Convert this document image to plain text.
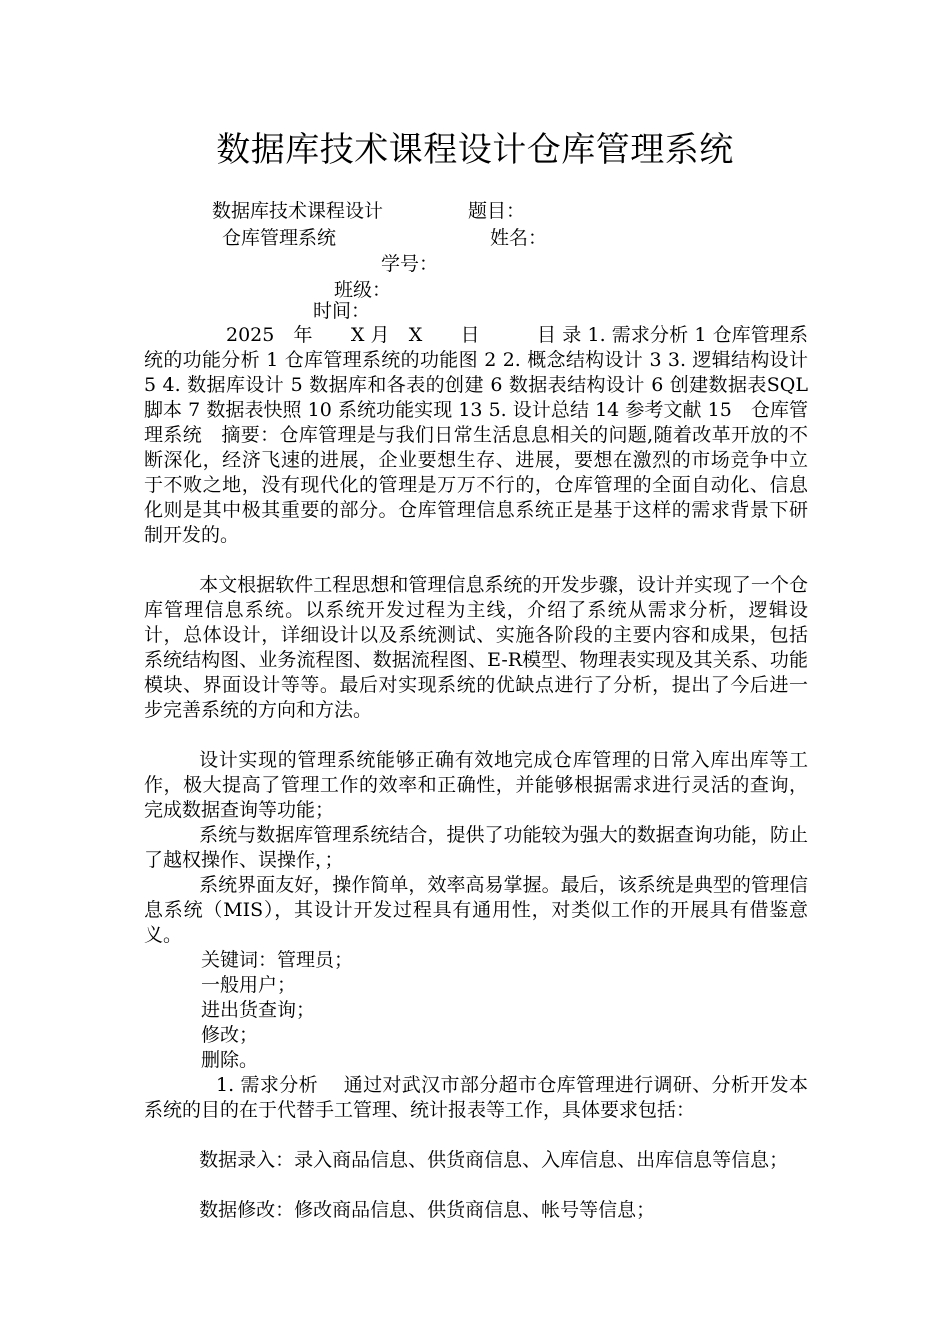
数据库技术课程设计仓库管理系统
数据库技术课程设计	题目：
仓库管理系统	姓名：
学号：
班级：
时间：
2025　年　　X 月　X　　日　　　目 录 1. 需求分析 1 仓库管理系统的功能分析 1 仓库管理系统的功能图 2 2. 概念结构设计 3 3. 逻辑结构设计 5 4. 数据库设计 5 数据库和各表的创建 6 数据表结构设计 6 创建数据表SQL脚本 7 数据表快照 10 系统功能实现 13 5. 设计总结 14 参考文献 15　仓库管理系统　摘要：仓库管理是与我们日常生活息息相关的问题,随着改革开放的不断深化，经济飞速的进展，企业要想生存、进展，要想在激烈的市场竞争中立于不败之地，没有现代化的管理是万万不行的，仓库管理的全面自动化、信息化则是其中极其重要的部分。仓库管理信息系统正是基于这样的需求背景下研制开发的。
本文根据软件工程思想和管理信息系统的开发步骤，设计并实现了一个仓库管理信息系统。以系统开发过程为主线，介绍了系统从需求分析，逻辑设计，总体设计，详细设计以及系统测试、实施各阶段的主要内容和成果，包括系统结构图、业务流程图、数据流程图、E-R模型、物理表实现及其关系、功能模块、界面设计等等。最后对实现系统的优缺点进行了分析，提出了今后进一步完善系统的方向和方法。
设计实现的管理系统能够正确有效地完成仓库管理的日常入库出库等工作，极大提高了管理工作的效率和正确性，并能够根据需求进行灵活的查询，完成数据查询等功能；
系统与数据库管理系统结合，提供了功能较为强大的数据查询功能，防止了越权操作、误操作，；
系统界面友好，操作简单，效率高易掌握。最后，该系统是典型的管理信息系统（MIS），其设计开发过程具有通用性，对类似工作的开展具有借鉴意义。
关键词：管理员；
一般用户；
进出货查询；
修改；
删除。
1. 需求分析　 通过对武汉市部分超市仓库管理进行调研、分析开发本系统的目的在于代替手工管理、统计报表等工作，具体要求包括：
数据录入：录入商品信息、供货商信息、入库信息、出库信息等信息；
数据修改：修改商品信息、供货商信息、帐号等信息；
